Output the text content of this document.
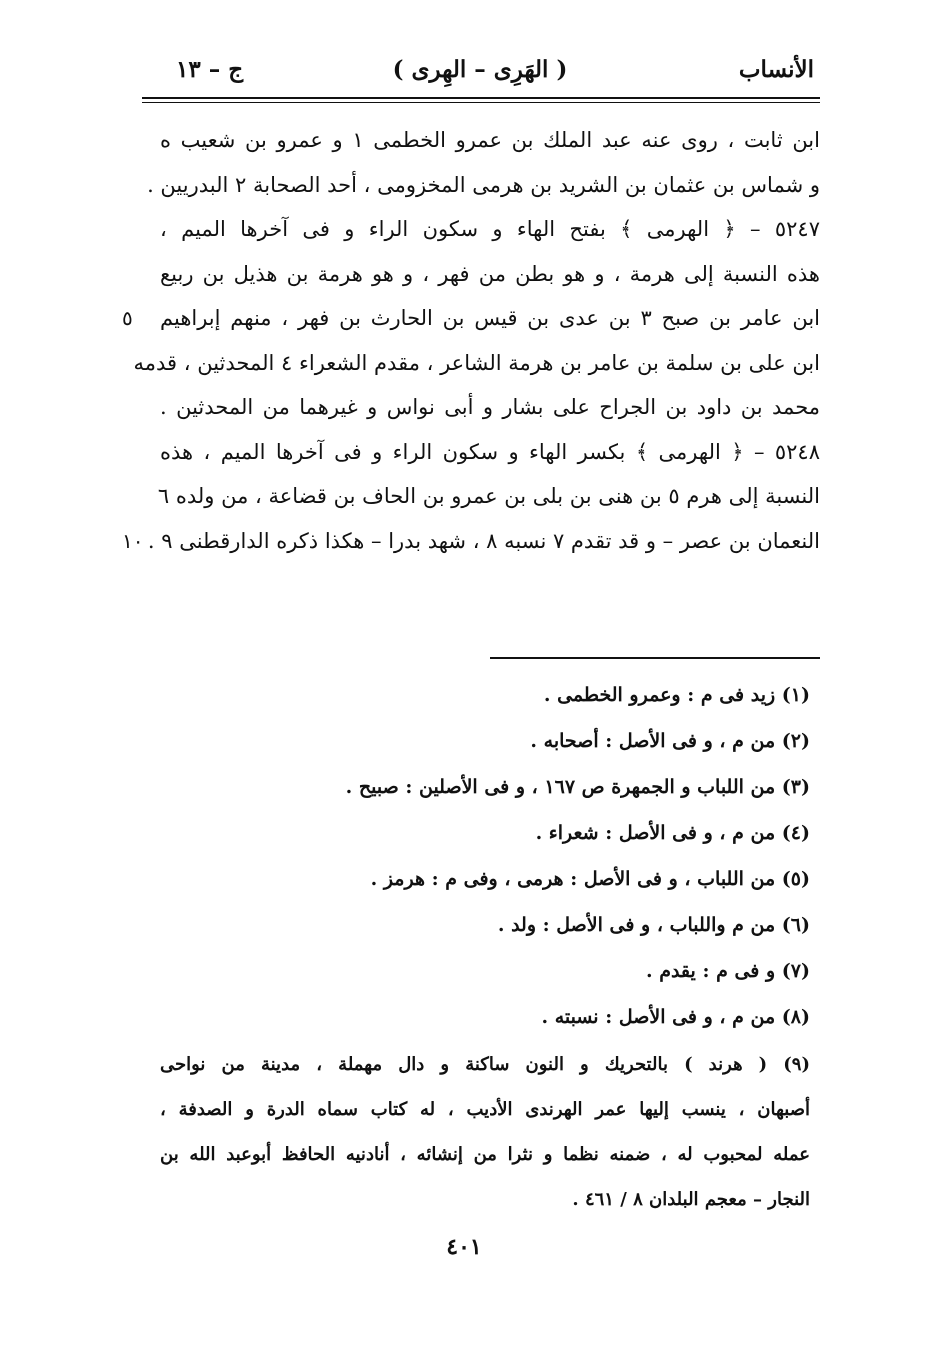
الأنساب
( الهَرِى – الهِرى )
ج – ١٣
ابن ثابت ، روى عنه عبد الملك بن عمرو الخطمى ١ و عمرو بن شعيب ه
و شماس بن عثمان بن الشريد بن هرمى المخزومى ، أحد الصحابة ٢ البدريين .
٥٢٤٧ – ﴿ الهرمى ﴾ بفتح الهاء و سكون الراء و فى آخرها الميم ،
هذه النسبة إلى هرمة ، و هو بطن من فهر ، و هو هرمة بن هذيل بن ربيع
ابن عامر بن صبح ٣ بن عدى بن قيس بن الحارث بن فهر ، منهم إبراهيم
٥
ابن على بن سلمة بن عامر بن هرمة الشاعر ، مقدم الشعراء ٤ المحدثين ، قدمه
محمد بن داود بن الجراح على بشار و أبى نواس و غيرهما من المحدثين .
٥٢٤٨ – ﴿ الهرمى ﴾ بكسر الهاء و سكون الراء و فى آخرها الميم ، هذه
النسبة إلى هرم ٥ بن هنى بن بلى بن عمرو بن الحاف بن قضاعة ، من ولده ٦
النعمان بن عصر – و قد تقدم ٧ نسبه ٨ ، شهد بدرا – هكذا ذكره الدارقطنى ٩ .
١٠
(١) زيد فى م : وعمرو الخطمى .
(٢) من م ، و فى الأصل : أصحابه .
(٣) من اللباب و الجمهرة ص ١٦٧ ، و فى الأصلين : صبيح .
(٤) من م ، و فى الأصل : شعراء .
(٥) من اللباب ، و فى الأصل : هرمى ، وفى م : هرمز .
(٦) من م واللباب ، و فى الأصل : ولد .
(٧) و فى م : يقدم .
(٨) من م ، و فى الأصل : نسبته .
(٩) ( هرند ) بالتحريك و النون ساكنة و دال مهملة ، مدينة من نواحى
أصبهان ، ينسب إليها عمر الهرندى الأديب ، له كتاب سماه الدرة و الصدفة ،
عمله لمحبوب له ، ضمنه نظما و نثرا من إنشائه ، أنادنيه الحافظ أبوعبد الله بن
النجار – معجم البلدان ٨ / ٤٦١ .
٤٠١
